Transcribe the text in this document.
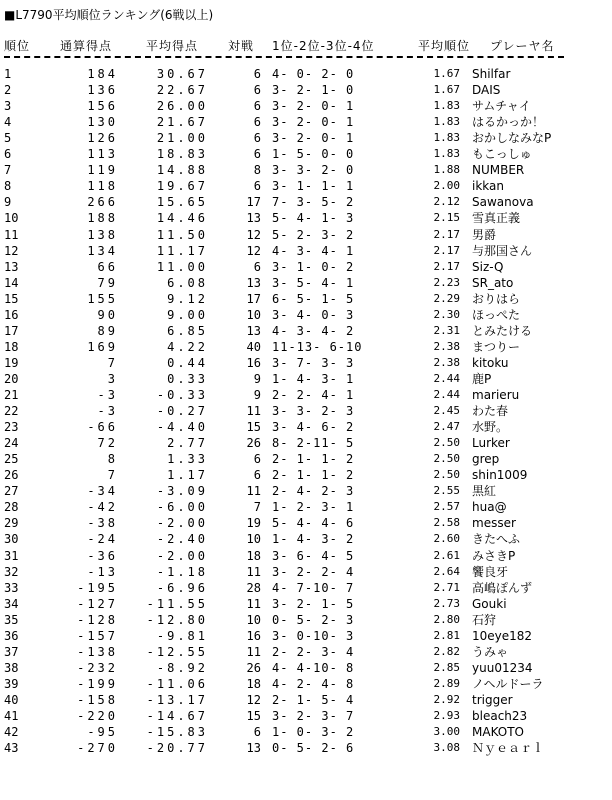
■L7790平均順位ランキング(6戦以上)
順位 通算得点	平均得点 対戦 1位-2位-3位-4位	平均順位 プレーヤ名
1	184	30.67	6 4- 0- 2- 0	1.67 Shilfar
2	136	22.67	6 3- 2- 1- 0	1.67 DAIS
3	156	26.00	6 3- 2- 0- 1	1.83 サムチャイ
4	130	21.67	6 3- 2- 0- 1	1.83 はるかっか！
5	126	21.00	6 3- 2- 0- 1	1.83 おかしなみなP
6	113	18.83	6 1- 5- 0- 0	1.83 もこっしゅ
7	119	14.88	8 3- 3- 2- 0	1.88 NUMBER
8	118	19.67	6 3- 1- 1- 1	2.00 ikkan
9	266	15.65	17 7- 3- 5- 2	2.12 Sawanova
10	188	14.46	13 5- 4- 1- 3	2.15 雪真正義
11	138	11.50	12 5- 2- 3- 2	2.17 男爵
12	134	11.17	12 4- 3- 4- 1	2.17 与那国さん
13	66	11.00	6 3- 1- 0- 2	2.17 Siz-Q
14	79	6.08	13 3- 5- 4- 1	2.23 SR_ato
15	155	9.12	17 6- 5- 1- 5	2.29 おりはら
16	90	9.00	10 3- 4- 0- 3	2.30 ほっぺた
17	89	6.85	13 4- 3- 4- 2	2.31 とみたける
18	169	4.22	40 11-13- 6-10	2.38 まつりー
19	7	0.44	16 3- 7- 3- 3	2.38 kitoku
20	3	0.33	9 1- 4- 3- 1	2.44 鹿P
21	-3	-0.33	9 2- 2- 4- 1	2.44 marieru
22	-3	-0.27	11 3- 3- 2- 3	2.45 わた春
23	-66	-4.40	15 3- 4- 6- 2	2.47 水野。
24	72	2.77	26 8- 2-11- 5	2.50 Lurker
25	8	1.33	6 2- 1- 1- 2	2.50 grep
26	7	1.17	6 2- 1- 1- 2	2.50 shin1009
27	-34	-3.09	11 2- 4- 2- 3	2.55 黒紅
28	-42	-6.00	7 1- 2- 3- 1	2.57 hua@
29	-38	-2.00	19 5- 4- 4- 6	2.58 messer
30	-24	-2.40	10 1- 4- 3- 2	2.60 きたへふ
31	-36	-2.00	18 3- 6- 4- 5	2.61 みさきP
32	-13	-1.18	11 3- 2- 2- 4	2.64 饗良牙
33	-195	-6.96	28 4- 7-10- 7	2.71 高嶋ぽんず
34	-127	-11.55	11 3- 2- 1- 5	2.73 Gouki
35	-128	-12.80	10 0- 5- 2- 3	2.80 石狩
36	-157	-9.81	16 3- 0-10- 3	2.81 10eye182
37	-138	-12.55	11 2- 2- 3- 4	2.82 うみゃ
38	-232	-8.92	26 4- 4-10- 8	2.85 yuu01234
39	-199	-11.06	18 4- 2- 4- 8	2.89 ノヘルドーラ
40	-158	-13.17	12 2- 1- 5- 4	2.92 trigger
41	-220	-14.67	15 3- 2- 3- 7	2.93 bleach23
42	-95	-15.83	6 1- 0- 3- 2	3.00 MAKOTO
43	-270	-20.77	13 0- 5- 2- 6	3.08 Ｎｙｅａｒｌ
